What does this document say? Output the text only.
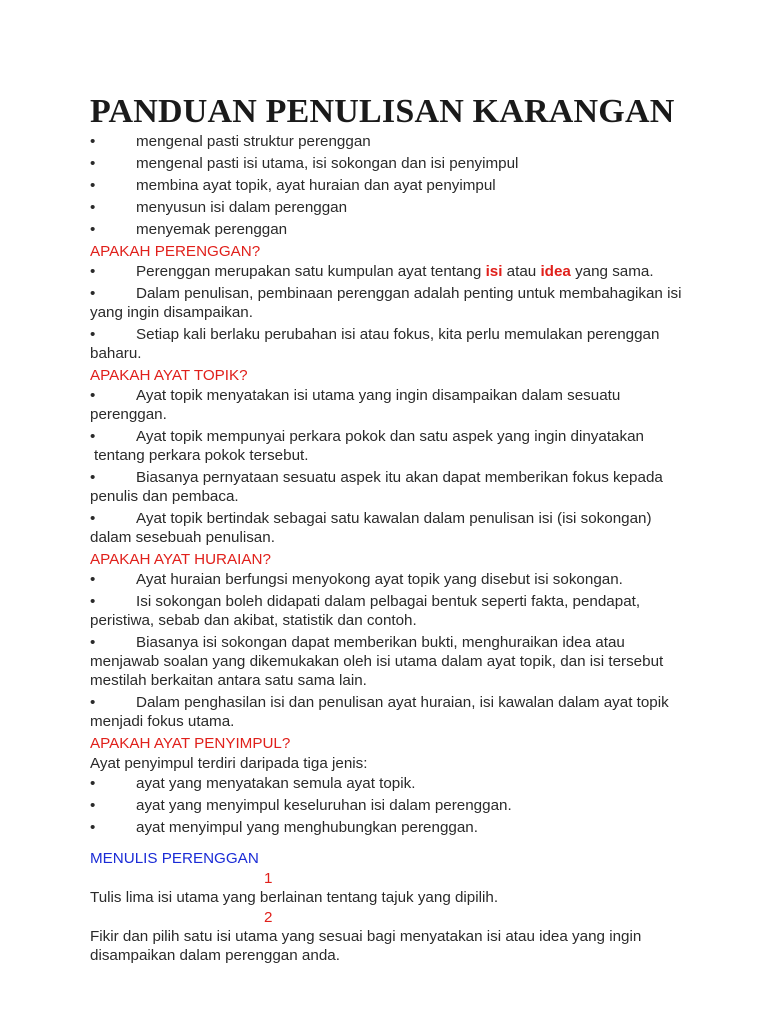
PANDUAN PENULISAN KARANGAN
•	mengenal pasti struktur perenggan
•	mengenal pasti isi utama, isi sokongan dan isi penyimpul
•	membina ayat topik, ayat huraian dan ayat penyimpul
•	menyusun isi dalam perenggan
•	menyemak perenggan
APAKAH PERENGGAN?
•	Perenggan merupakan satu kumpulan ayat tentang isi atau idea yang sama.
•	Dalam penulisan, pembinaan perenggan adalah penting untuk membahagikan isi yang ingin disampaikan.
•	Setiap kali berlaku perubahan isi atau fokus, kita perlu memulakan perenggan baharu.
APAKAH AYAT TOPIK?
•	Ayat topik menyatakan isi utama yang ingin disampaikan dalam sesuatu perenggan.
•	Ayat topik mempunyai perkara pokok dan satu aspek yang ingin dinyatakan
tentang perkara pokok tersebut.
•	Biasanya pernyataan sesuatu aspek itu akan dapat memberikan fokus kepada penulis dan pembaca.
•	Ayat topik bertindak sebagai satu kawalan dalam penulisan isi (isi sokongan) dalam sesebuah penulisan.
APAKAH AYAT HURAIAN?
•	Ayat huraian berfungsi menyokong ayat topik yang disebut isi sokongan.
•	Isi sokongan boleh didapati dalam pelbagai bentuk seperti fakta, pendapat, peristiwa, sebab dan akibat, statistik dan contoh.
•	Biasanya isi sokongan dapat memberikan bukti, menghuraikan idea atau menjawab soalan yang dikemukakan oleh isi utama dalam ayat topik, dan isi tersebut mestilah berkaitan antara satu sama lain.
•	Dalam penghasilan isi dan penulisan ayat huraian, isi kawalan dalam ayat topik menjadi fokus utama.
APAKAH AYAT PENYIMPUL?
Ayat penyimpul terdiri daripada tiga jenis:
•	ayat yang menyatakan semula ayat topik.
•	ayat yang menyimpul keseluruhan isi dalam perenggan.
•	ayat menyimpul yang menghubungkan perenggan.
MENULIS PERENGGAN
1
Tulis lima isi utama yang berlainan tentang tajuk yang dipilih.
2
Fikir dan pilih satu isi utama yang sesuai bagi menyatakan isi atau idea yang ingin disampaikan dalam perenggan anda.
